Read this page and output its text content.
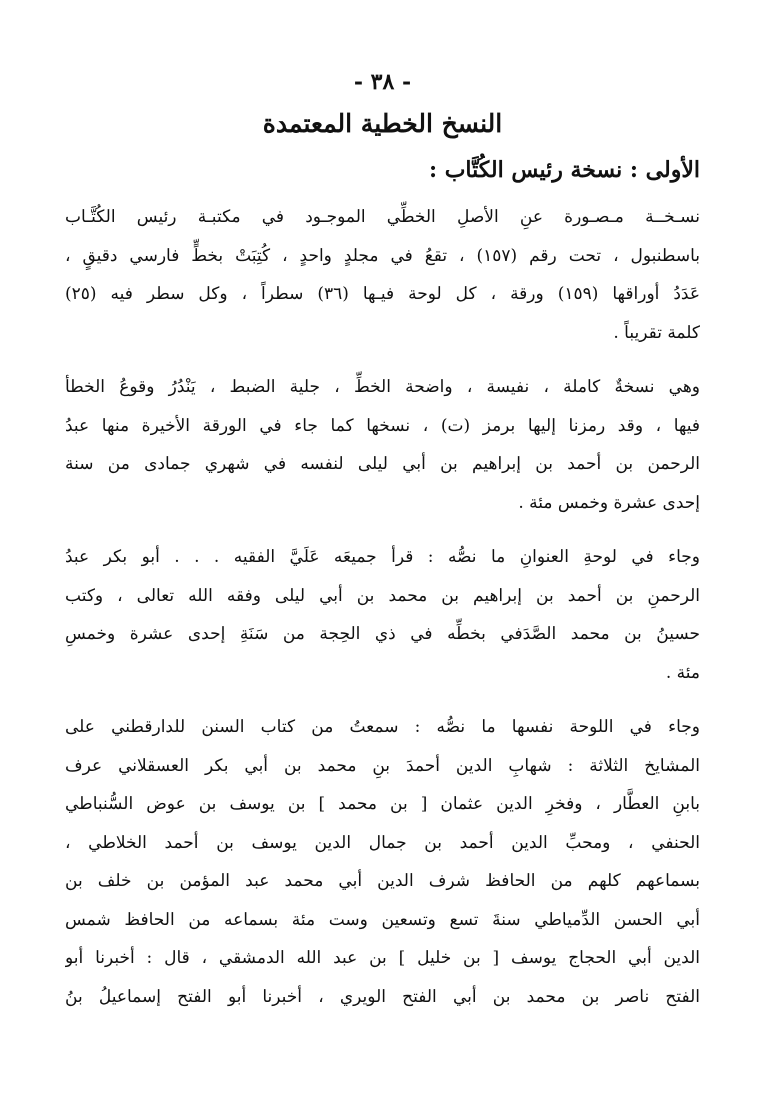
- ٣٨ -
النسخ الخطية المعتمدة
الأولى : نسخة رئيس الكُتَّاب :
نسـخــة مـصـورة عنِ الأصلِ الخطِّي الموجـود في مكتبـة رئيس الكُتَّـاب
باسطنبول ، تحت رقم (١٥٧) ، تقعُ في مجلدٍ واحدٍ ، كُتِبَتْ بخطٍّ فارسي دقيقٍ ،
عَدَدُ أوراقها (١٥٩) ورقة ، كل لوحة فيـها (٣٦) سطراً ، وكل سطر فيه (٢٥)
كلمة تقريباً .
وهي نسخةٌ كاملة ، نفيسة ، واضحة الخطِّ ، جلية الضبط ، يَنْدُرُ وقوعُ الخطأ
فيها ، وقد رمزنا إليها برمز (ت) ، نسخها كما جاء في الورقة الأخيرة منها عبدُ
الرحمن بن أحمد بن إبراهيم بن أبي ليلى لنفسه في شهري جمادى من سنة
إحدى عشرة وخمس مئة .
وجاء في لوحةِ العنوانِ ما نصُّه : قرأ جميعَه عَلَيَّ الفقيه . . . أبو بكر عبدُ
الرحمنِ بن أحمد بن إبراهيم بن محمد بن أبي ليلى وفقه الله تعالى ، وكتب
حسينُ بن محمد الصَّدَفي بخطِّه في ذي الحِجة من سَنَةِ إحدى عشرة وخمسِ
مئة .
وجاء في اللوحة نفسها ما نصُّه : سمعتُ من كتاب السنن للدارقطني على
المشايخ الثلاثة : شهابِ الدين أحمدَ بنِ محمد بن أبي بكر العسقلاني عرف
بابنِ العطَّار ، وفخرِ الدين عثمان [ بن محمد ] بن يوسف بن عوض السُّنباطي
الحنفي ، ومحبِّ الدين أحمد بن جمال الدين يوسف بن أحمد الخلاطي ،
بسماعهم كلهم من الحافظ شرف الدين أبي محمد عبد المؤمن بن خلف بن
أبي الحسن الدِّمياطي سنةَ تسع وتسعين وست مئة بسماعه من الحافظ شمس
الدين أبي الحجاج يوسف [ بن خليل ] بن عبد الله الدمشقي ، قال : أخبرنا أبو
الفتح ناصر بن محمد بن أبي الفتح الويري ، أخبرنا أبو الفتح إسماعيلُ بنُ
